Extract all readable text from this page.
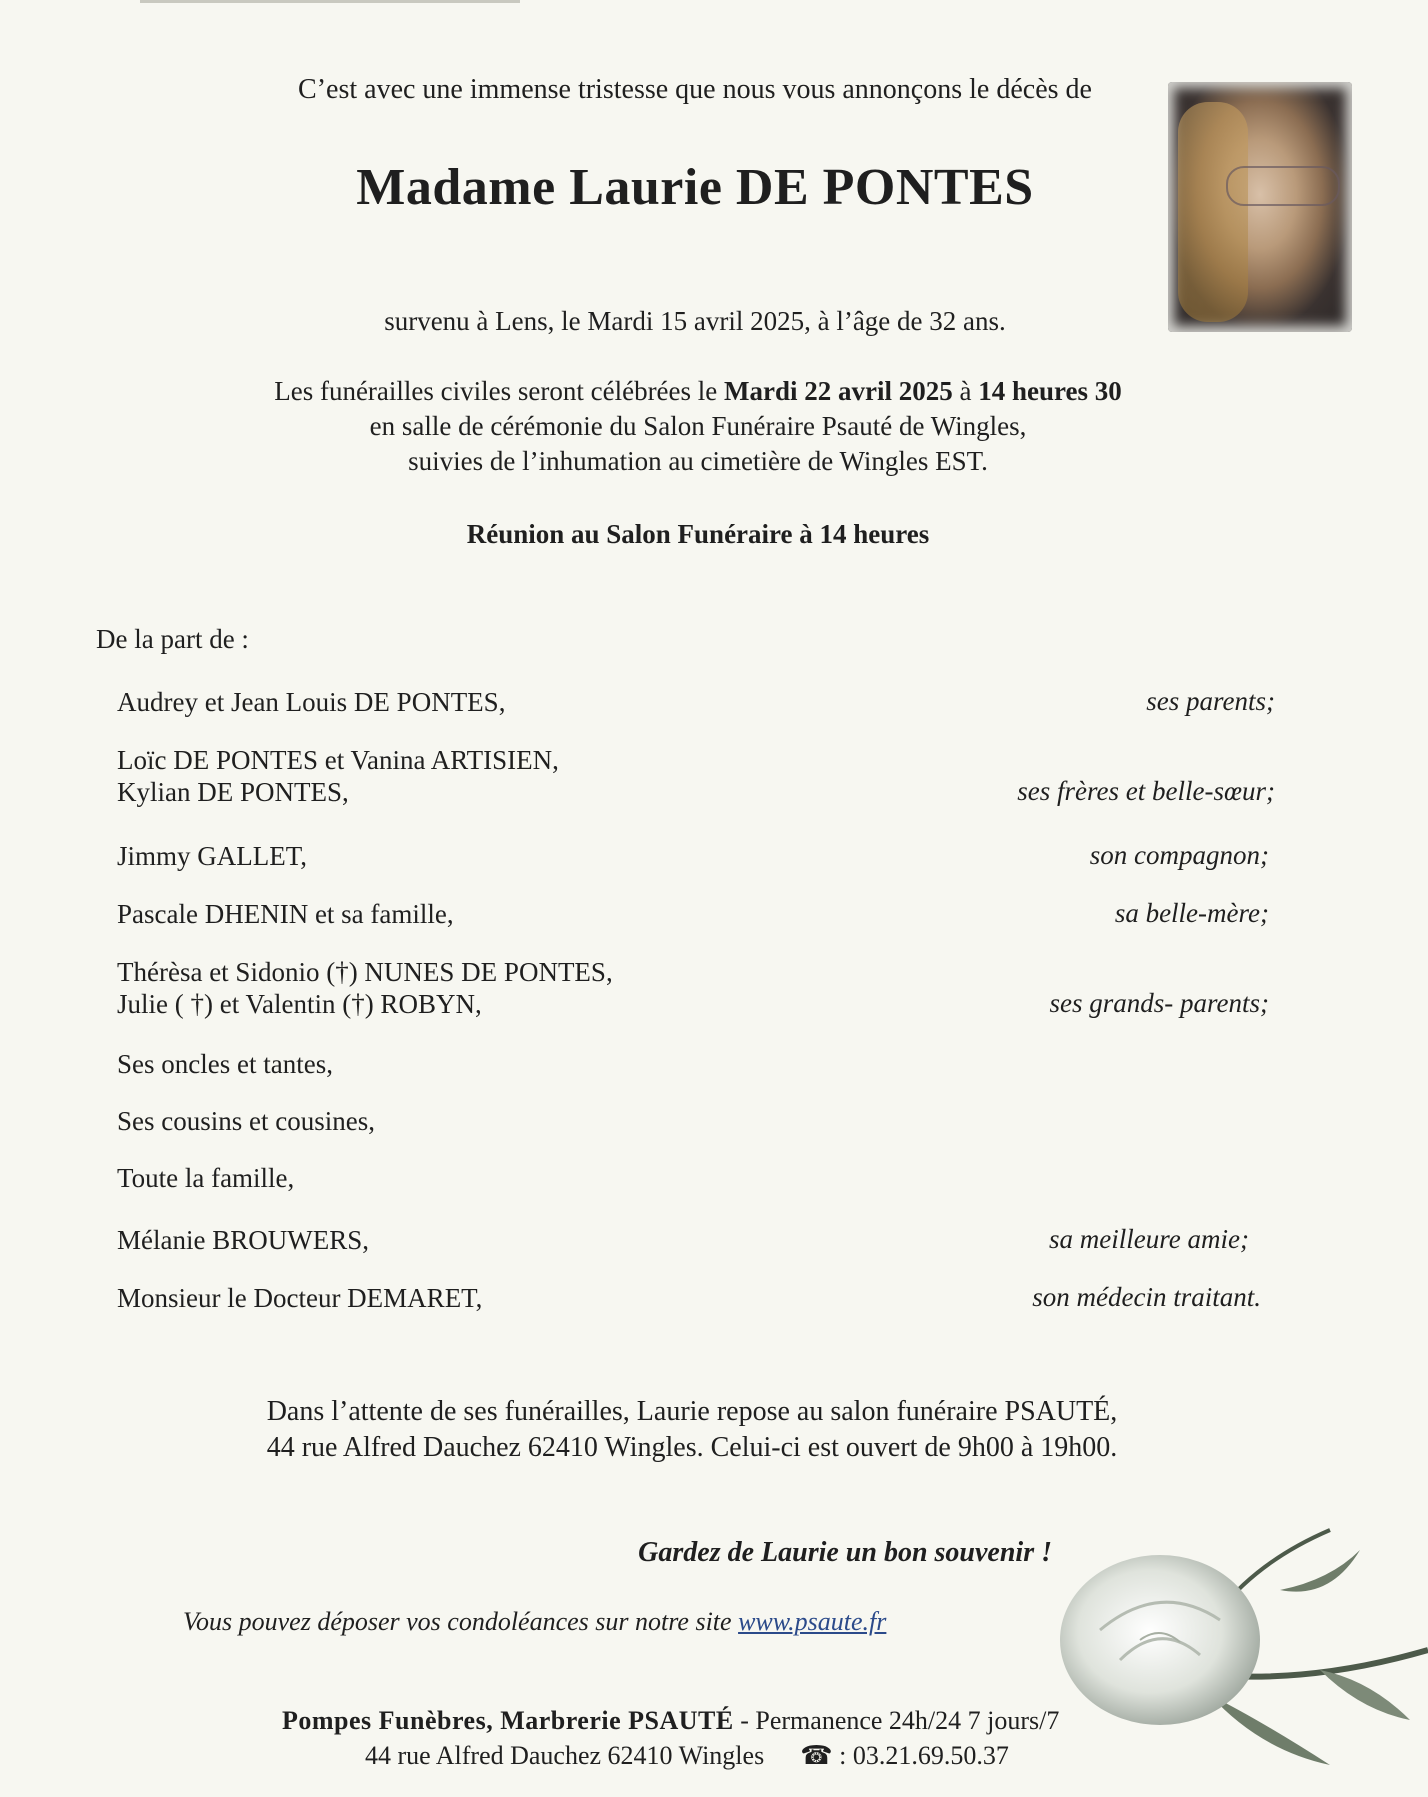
C’est avec une immense tristesse que nous vous annonçons le décès de
Madame Laurie DE PONTES
survenu à Lens, le Mardi 15 avril 2025, à l’âge de 32 ans.
Les funérailles civiles seront célébrées le Mardi 22 avril 2025 à 14 heures 30
en salle de cérémonie du Salon Funéraire Psauté de Wingles,
suivies de l’inhumation au cimetière de Wingles EST.
Réunion au Salon Funéraire à 14 heures
De la part de :
Audrey et Jean Louis DE PONTES,	ses parents;
Loïc DE PONTES et Vanina ARTISIEN,
Kylian DE PONTES,	ses frères et belle-sœur;
Jimmy GALLET,	son compagnon;
Pascale DHENIN et sa famille,	sa belle-mère;
Thérèsa et Sidonio (†) NUNES DE PONTES,
Julie ( †) et Valentin (†) ROBYN,	ses grands- parents;
Ses oncles et tantes,
Ses cousins et cousines,
Toute la famille,
Mélanie BROUWERS,	sa meilleure amie;
Monsieur le Docteur DEMARET,	son médecin traitant.
Dans l’attente de ses funérailles, Laurie repose au salon funéraire PSAUTÉ,
44 rue Alfred Dauchez 62410 Wingles. Celui-ci est ouvert de 9h00 à 19h00.
Gardez de Laurie un bon souvenir !
Vous pouvez déposer vos condoléances sur notre site www.psaute.fr
Pompes Funèbres, Marbrerie PSAUTÉ - Permanence 24h/24 7 jours/7
44 rue Alfred Dauchez 62410 Wingles ☎ : 03.21.69.50.37
